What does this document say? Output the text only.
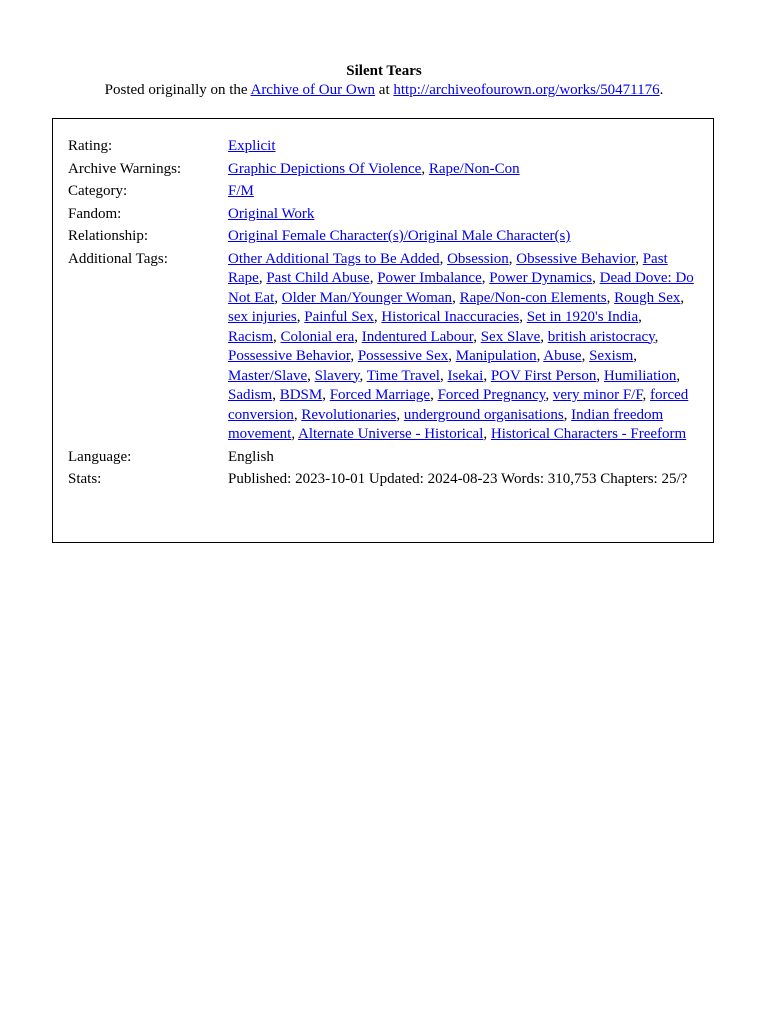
Silent Tears

Posted originally on the Archive of Our Own at http://archiveofourown.org/works/50471176.

Rating:	Explicit
Archive Warnings:	Graphic Depictions Of Violence, Rape/Non-Con
Category:	F/M
Fandom:	Original Work
Relationship:	Original Female Character(s)/Original Male Character(s)
Additional Tags:	Other Additional Tags to Be Added, Obsession, Obsessive Behavior, Past Rape, Past Child Abuse, Power Imbalance, Power Dynamics, Dead Dove: Do Not Eat, Older Man/Younger Woman, Rape/Non-con Elements, Rough Sex, sex injuries, Painful Sex, Historical Inaccuracies, Set in 1920's India, Racism, Colonial era, Indentured Labour, Sex Slave, british aristocracy, Possessive Behavior, Possessive Sex, Manipulation, Abuse, Sexism, Master/Slave, Slavery, Time Travel, Isekai, POV First Person, Humiliation, Sadism, BDSM, Forced Marriage, Forced Pregnancy, very minor F/F, forced conversion, Revolutionaries, underground organisations, Indian freedom movement, Alternate Universe - Historical, Historical Characters - Freeform
Language:	English
Stats:	Published: 2023-10-01 Updated: 2024-08-23 Words: 310,753 Chapters: 25/?
